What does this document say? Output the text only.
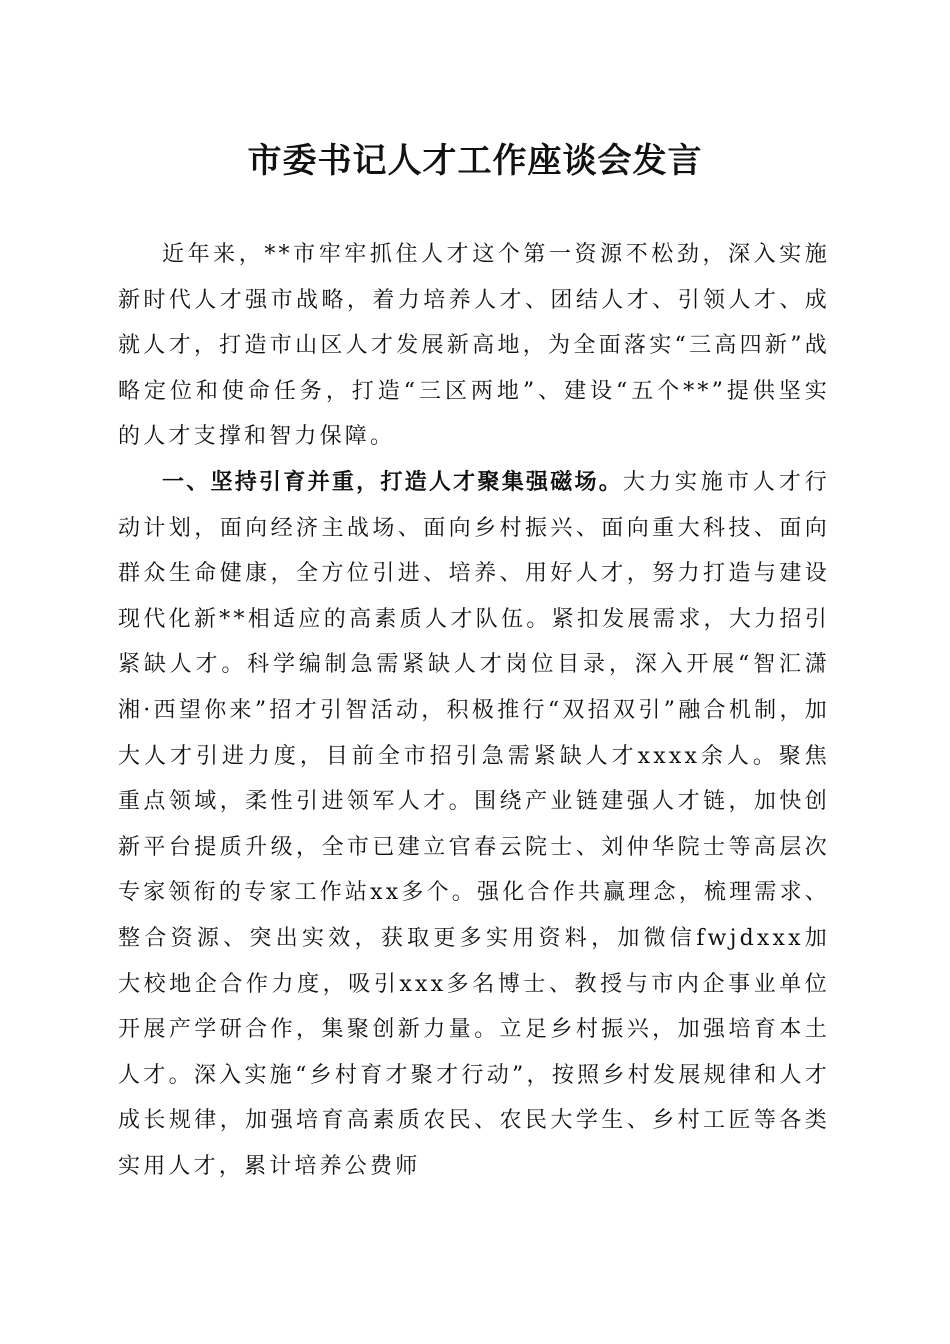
市委书记人才工作座谈会发言

近年来，**市牢牢抓住人才这个第一资源不松劲，深入实施新时代人才强市战略，着力培养人才、团结人才、引领人才、成就人才，打造市山区人才发展新高地，为全面落实“三高四新”战略定位和使命任务，打造“三区两地”、建设“五个**”提供坚实的人才支撑和智力保障。

一、坚持引育并重，打造人才聚集强磁场。大力实施市人才行动计划，面向经济主战场、面向乡村振兴、面向重大科技、面向群众生命健康，全方位引进、培养、用好人才，努力打造与建设现代化新**相适应的高素质人才队伍。紧扣发展需求，大力招引紧缺人才。科学编制急需紧缺人才岗位目录，深入开展“智汇潇湘·西望你来”招才引智活动，积极推行“双招双引”融合机制，加大人才引进力度，目前全市招引急需紧缺人才xxxx余人。聚焦重点领域，柔性引进领军人才。围绕产业链建强人才链，加快创新平台提质升级，全市已建立官春云院士、刘仲华院士等高层次专家领衔的专家工作站xx多个。强化合作共赢理念，梳理需求、整合资源、突出实效，获取更多实用资料，加微信fwjdxxx加大校地企合作力度，吸引xxx多名博士、教授与市内企事业单位开展产学研合作，集聚创新力量。立足乡村振兴，加强培育本土人才。深入实施“乡村育才聚才行动”，按照乡村发展规律和人才成长规律，加强培育高素质农民、农民大学生、乡村工匠等各类实用人才，累计培养公费师
